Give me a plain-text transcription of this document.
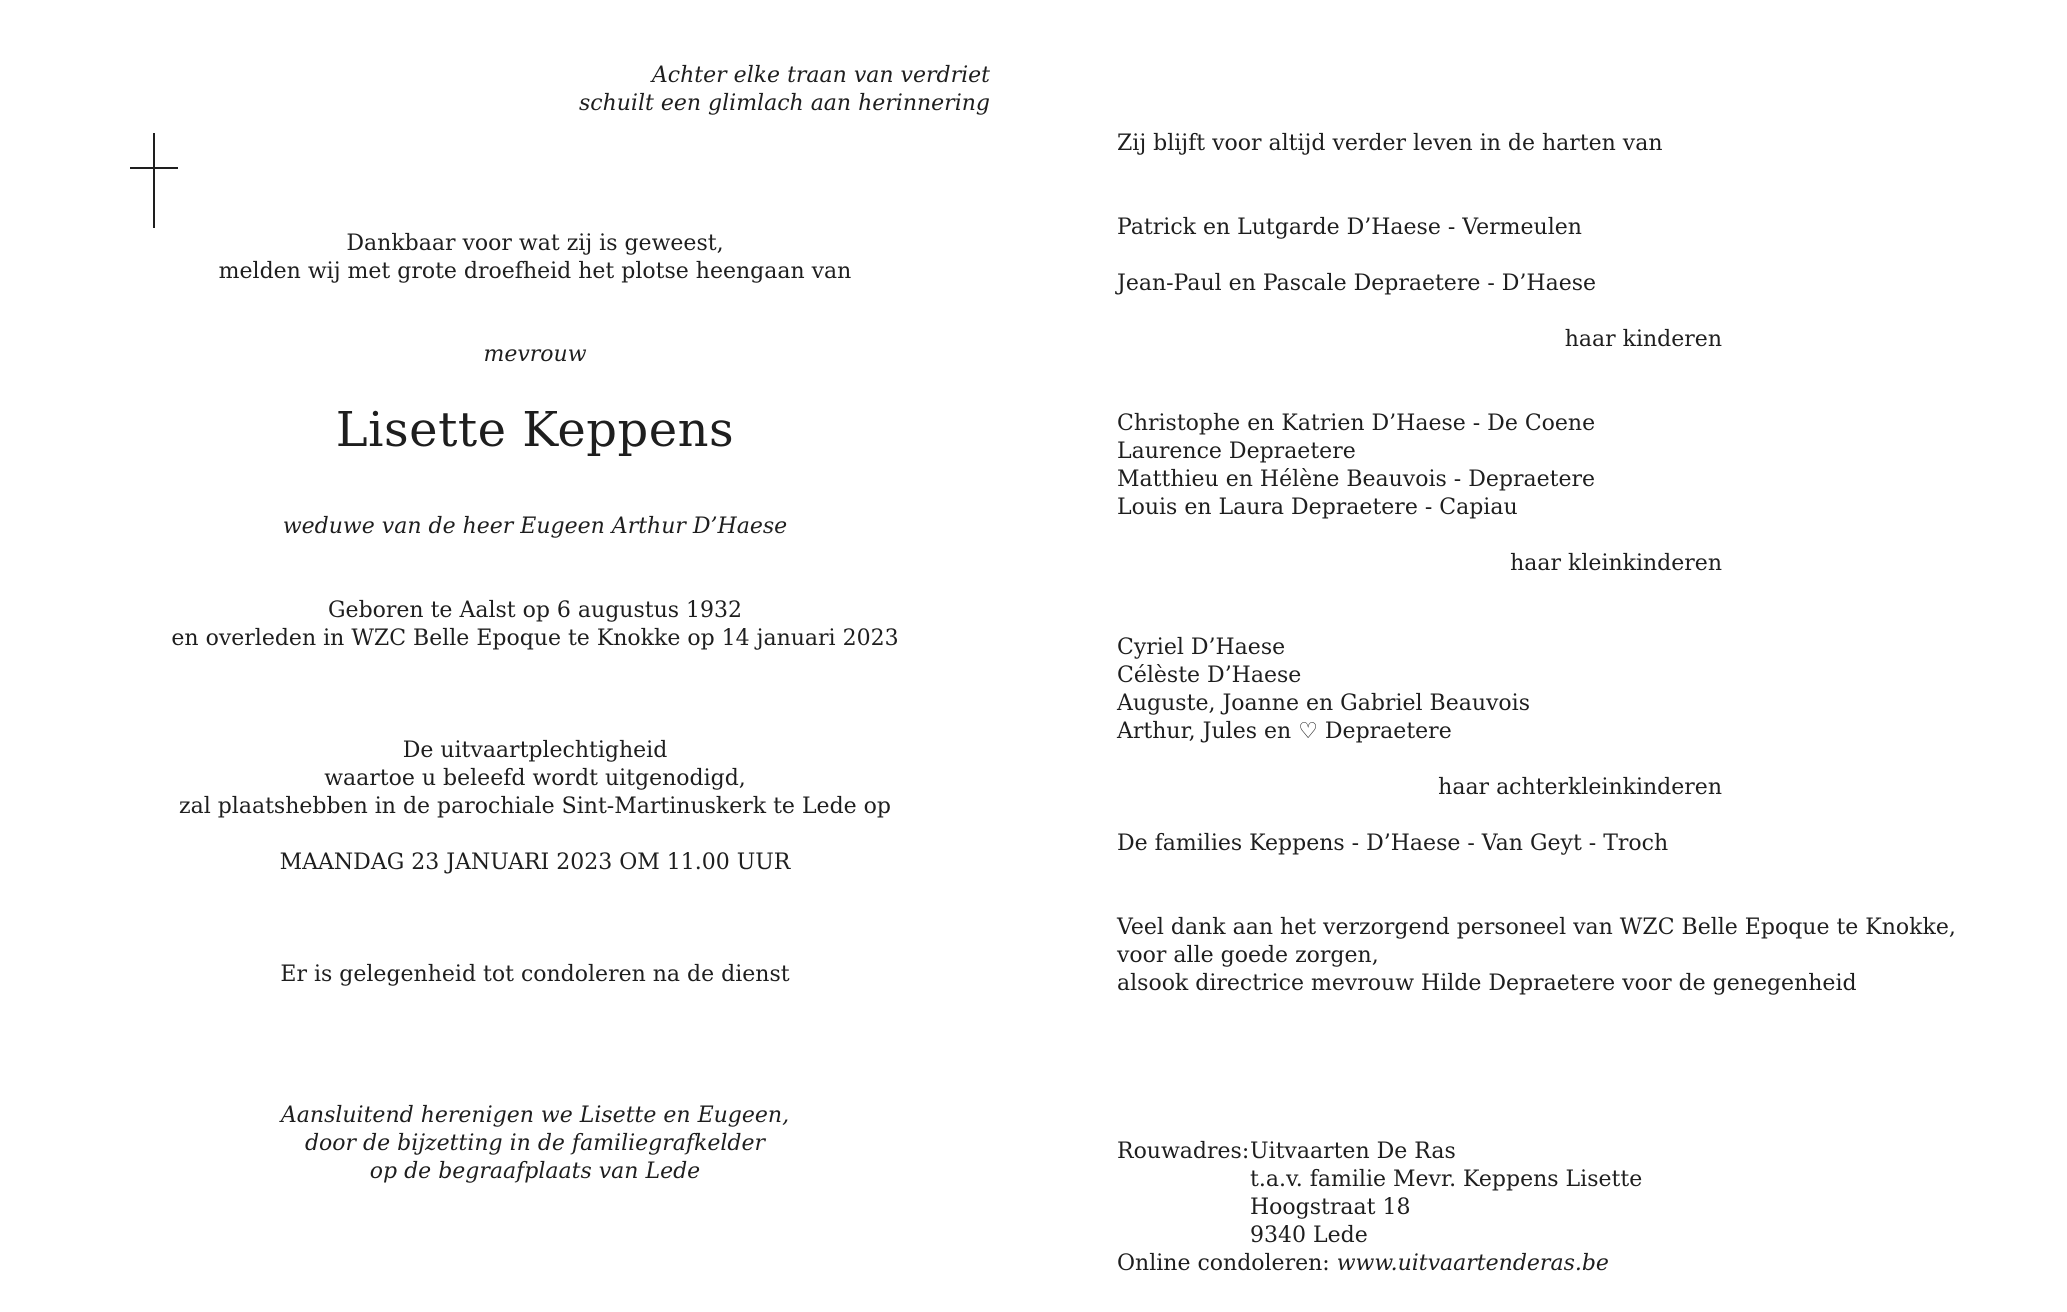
Achter elke traan van verdriet
schuilt een glimlach aan herinnering
Dankbaar voor wat zij is geweest,
melden wij met grote droefheid het plotse heengaan van
mevrouw
Lisette Keppens
weduwe van de heer Eugeen Arthur D’Haese
Geboren te Aalst op 6 augustus 1932
en overleden in WZC Belle Epoque te Knokke op 14 januari 2023
De uitvaartplechtigheid
waartoe u beleefd wordt uitgenodigd,
zal plaatshebben in de parochiale Sint-Martinuskerk te Lede op
MAANDAG 23 JANUARI 2023 OM 11.00 UUR
Er is gelegenheid tot condoleren na de dienst
Aansluitend herenigen we Lisette en Eugeen,
door de bijzetting in de familiegrafkelder
op de begraafplaats van Lede
Zij blijft voor altijd verder leven in de harten van
Patrick en Lutgarde D’Haese - Vermeulen
Jean-Paul en Pascale Depraetere - D’Haese
haar kinderen
Christophe en Katrien D’Haese - De Coene
Laurence Depraetere
Matthieu en Hélène Beauvois - Depraetere
Louis en Laura Depraetere - Capiau
haar kleinkinderen
Cyriel D’Haese
Célèste D’Haese
Auguste, Joanne en Gabriel Beauvois
Arthur, Jules en ♡ Depraetere
haar achterkleinkinderen
De families Keppens - D’Haese - Van Geyt - Troch
Veel dank aan het verzorgend personeel van WZC Belle Epoque te Knokke,
voor alle goede zorgen,
alsook directrice mevrouw Hilde Depraetere voor de genegenheid
Rouwadres: Uitvaarten De Ras
t.a.v. familie Mevr. Keppens Lisette
Hoogstraat 18
9340 Lede
Online condoleren:
www.uitvaartenderas.be
